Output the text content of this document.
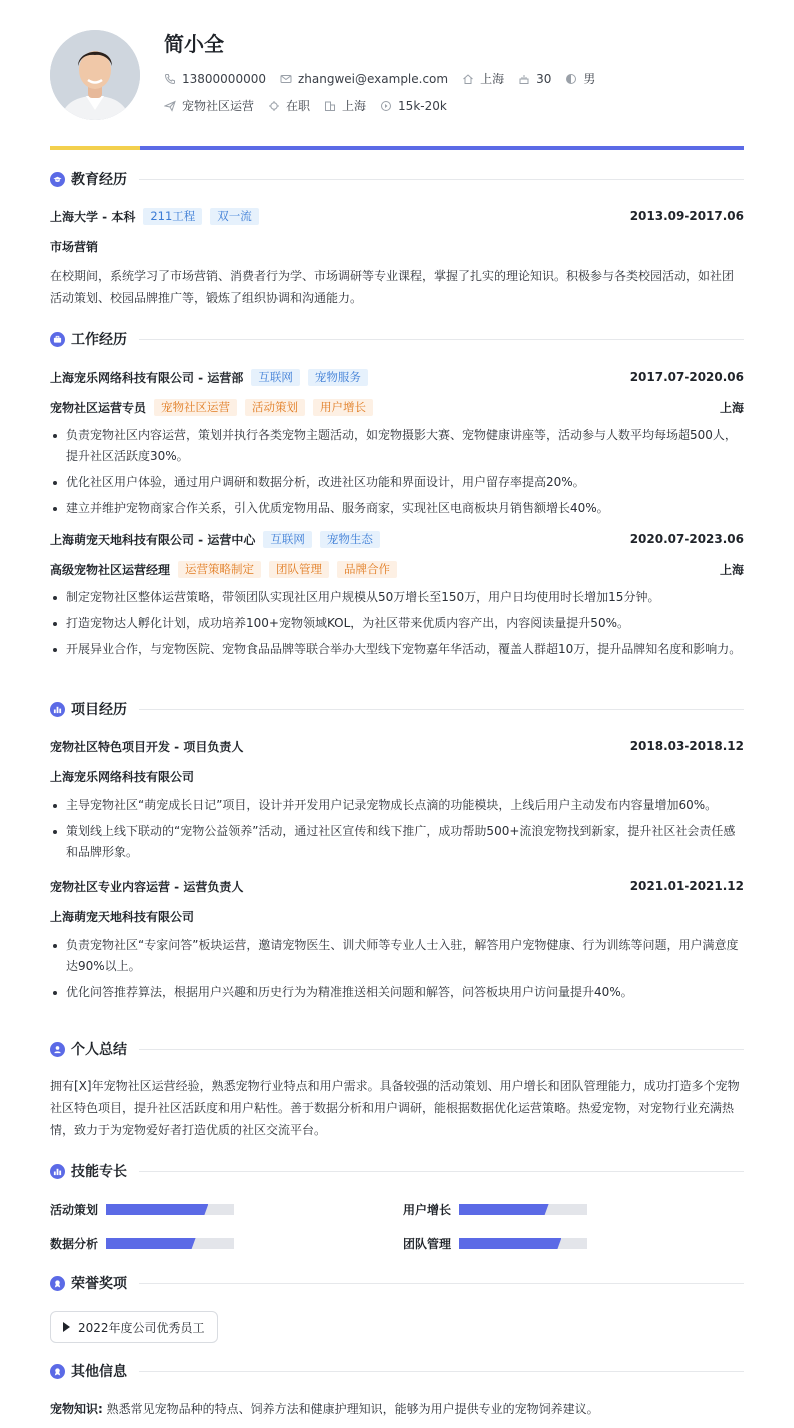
简小全
13800000000	zhangwei@example.com	上海	30	男
宠物社区运营	在职	上海	15k-20k
教育经历
上海大学 - 本科	211工程	双一流	2013.09-2017.06
市场营销

在校期间，系统学习了市场营销、消费者行为学、市场调研等专业课程，掌握了扎实的理论知识。积极参与各类校园活动，如社团活动策划、校园品牌推广等，锻炼了组织协调和沟通能力。

工作经历
上海宠乐网络科技有限公司 - 运营部	互联网	宠物服务	2017.07-2020.06
宠物社区运营专员	宠物社区运营	活动策划	用户增长	上海
负责宠物社区内容运营，策划并执行各类宠物主题活动，如宠物摄影大赛、宠物健康讲座等，活动参与人数平均每场超500人，提升社区活跃度30%。
优化社区用户体验，通过用户调研和数据分析，改进社区功能和界面设计，用户留存率提高20%。
建立并维护宠物商家合作关系，引入优质宠物用品、服务商家，实现社区电商板块月销售额增长40%。
上海萌宠天地科技有限公司 - 运营中心	互联网	宠物生态	2020.07-2023.06
高级宠物社区运营经理	运营策略制定	团队管理	品牌合作	上海
制定宠物社区整体运营策略，带领团队实现社区用户规模从50万增长至150万，用户日均使用时长增加15分钟。
打造宠物达人孵化计划，成功培养100+宠物领域KOL，为社区带来优质内容产出，内容阅读量提升50%。
开展异业合作，与宠物医院、宠物食品品牌等联合举办大型线下宠物嘉年华活动，覆盖人群超10万，提升品牌知名度和影响力。
项目经历
宠物社区特色项目开发 - 项目负责人	2018.03-2018.12
上海宠乐网络科技有限公司
主导宠物社区“萌宠成长日记”项目，设计并开发用户记录宠物成长点滴的功能模块，上线后用户主动发布内容量增加60%。
策划线上线下联动的“宠物公益领养”活动，通过社区宣传和线下推广，成功帮助500+流浪宠物找到新家，提升社区社会责任感和品牌形象。
宠物社区专业内容运营 - 运营负责人	2021.01-2021.12
上海萌宠天地科技有限公司
负责宠物社区“专家问答”板块运营，邀请宠物医生、训犬师等专业人士入驻，解答用户宠物健康、行为训练等问题，用户满意度达90%以上。
优化问答推荐算法，根据用户兴趣和历史行为为精准推送相关问题和解答，问答板块用户访问量提升40%。
个人总结

拥有[X]年宠物社区运营经验，熟悉宠物行业特点和用户需求。具备较强的活动策划、用户增长和团队管理能力，成功打造多个宠物社区特色项目，提升社区活跃度和用户粘性。善于数据分析和用户调研，能根据数据优化运营策略。热爱宠物，对宠物行业充满热情，致力于为宠物爱好者打造优质的社区交流平台。

技能专长
活动策划	用户增长
数据分析	团队管理
荣誉奖项
2022年度公司优秀员工
其他信息

宠物知识: 熟悉常见宠物品种的特点、饲养方法和健康护理知识，能够为用户提供专业的宠物饲养建议。
